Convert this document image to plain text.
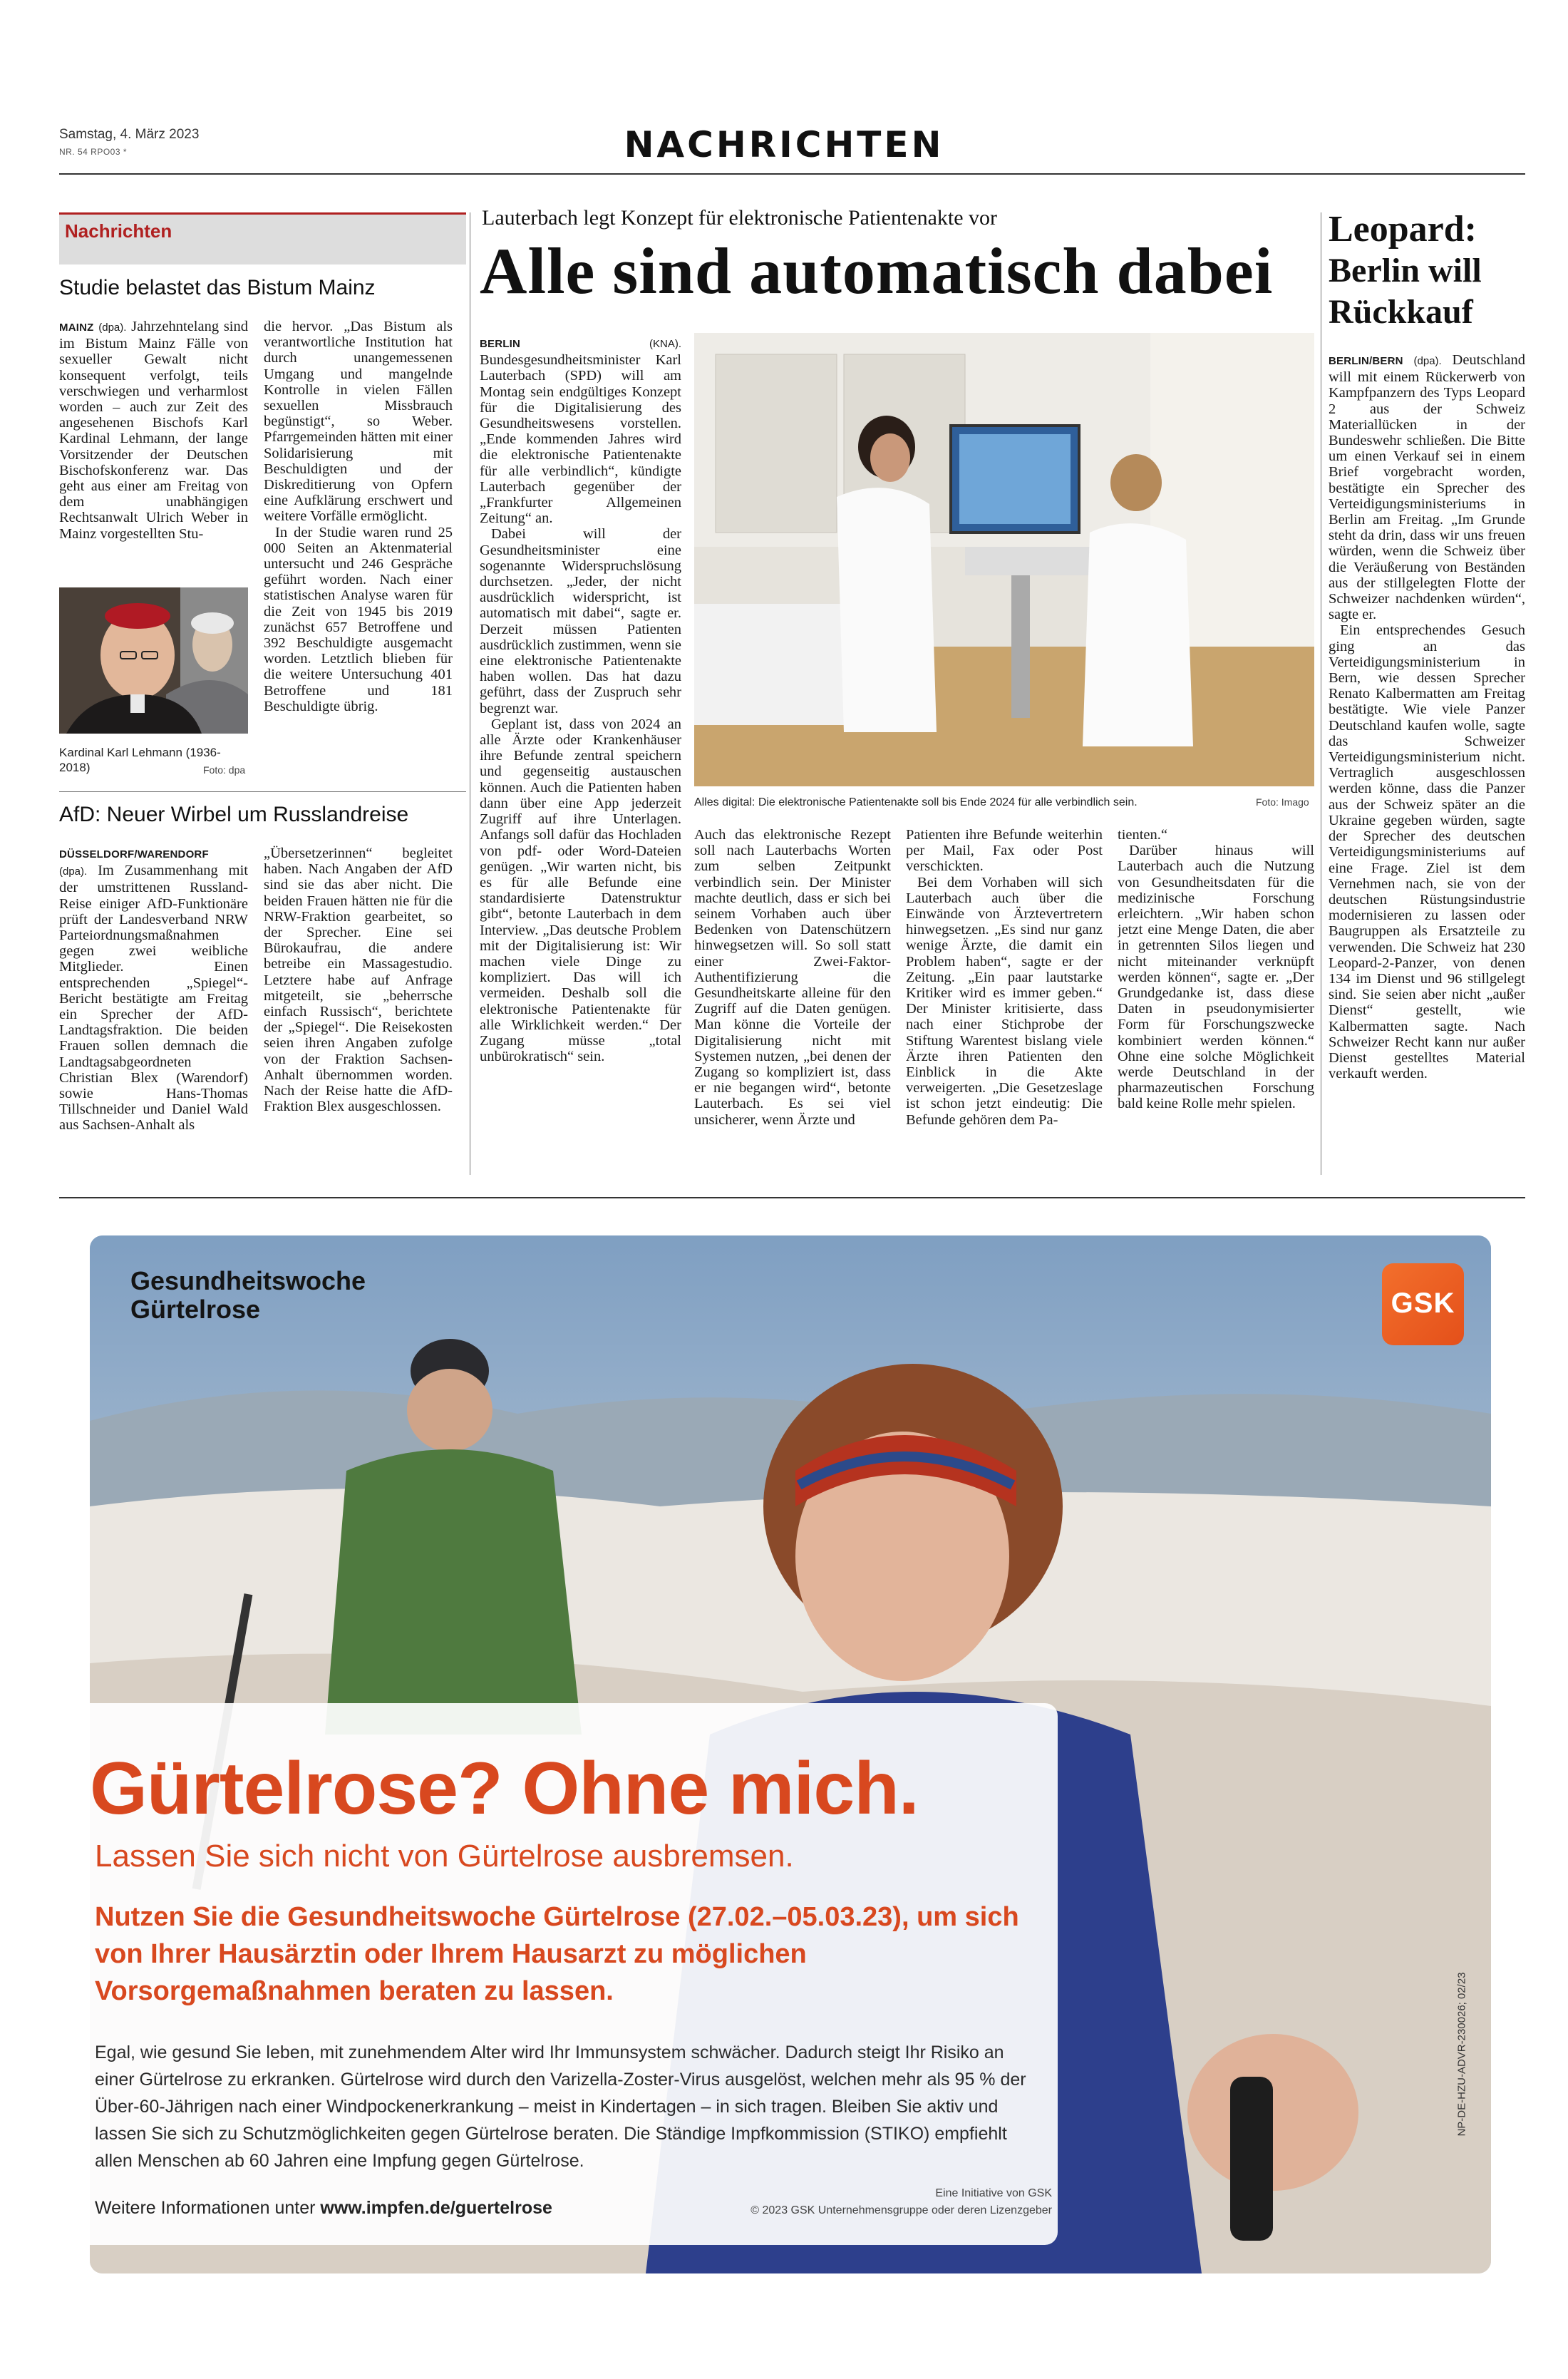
Samstag, 4. März 2023
NR. 54 RPO03 *	NACHRICHTEN
Nachrichten
Studie belastet das Bistum Mainz

MAINZ (dpa). Jahrzehntelang sind im Bistum Mainz Fälle von sexueller Gewalt nicht konsequent verfolgt, teils verschwiegen und verharmlost worden – auch zur Zeit des angesehenen Bischofs Karl Kardinal Lehmann, der lange Vorsitzender der Deutschen Bischofskonferenz war. Das geht aus einer am Freitag von dem unabhängigen Rechtsanwalt Ulrich Weber in Mainz vorgestellten Stu-

Kardinal Karl Lehmann (1936-2018)	Foto: dpa

die hervor. „Das Bistum als verantwortliche Institution hat durch unangemessenen Umgang und mangelnde Kontrolle in vielen Fällen sexuellen Missbrauch begünstigt“, so Weber. Pfarrgemeinden hätten mit einer Solidarisierung mit Beschuldigten und der Diskreditierung von Opfern eine Aufklärung erschwert und weitere Vorfälle ermöglicht.

In der Studie waren rund 25 000 Seiten an Aktenmaterial untersucht und 246 Gespräche geführt worden. Nach einer statistischen Analyse waren für die Zeit von 1945 bis 2019 zunächst 657 Betroffene und 392 Beschuldigte ausgemacht worden. Letztlich blieben für die weitere Untersuchung 401 Betroffene und 181 Beschuldigte übrig.

AfD: Neuer Wirbel um Russlandreise

DÜSSELDORF/WARENDORF
(dpa). Im Zusammenhang mit der umstrittenen Russland-Reise einiger AfD-Funktionäre prüft der Landesverband NRW Parteiordnungsmaßnahmen gegen zwei weibliche Mitglieder. Einen entsprechenden „Spiegel“-Bericht bestätigte am Freitag ein Sprecher der AfD-Landtagsfraktion. Die beiden Frauen sollen demnach die Landtagsabgeordneten Christian Blex (Warendorf) sowie Hans-Thomas Tillschneider und Daniel Wald aus Sachsen-Anhalt als

„Übersetzerinnen“ begleitet haben. Nach Angaben der AfD sind sie das aber nicht. Die beiden Frauen hätten nie für die NRW-Fraktion gearbeitet, so der Sprecher. Eine sei Bürokaufrau, die andere betreibe ein Massagestudio. Letztere habe auf Anfrage mitgeteilt, sie „beherrsche einfach Russisch“, berichtete der „Spiegel“. Die Reisekosten seien ihren Angaben zufolge von der Fraktion Sachsen-Anhalt übernommen worden. Nach der Reise hatte die AfD-Fraktion Blex ausgeschlossen.

Lauterbach legt Konzept für elektronische Patientenakte vor
Alle sind automatisch dabei

BERLIN	(KNA). Bundesgesundheitsminister Karl Lauterbach (SPD) will am Montag sein endgültiges Konzept für die Digitalisierung des Gesundheitswesens vorstellen. „Ende kommenden Jahres wird die elektronische Patientenakte für alle verbindlich“, kündigte Lauterbach gegenüber der „Frankfurter Allgemeinen Zeitung“ an.

Dabei will der Gesundheitsminister eine sogenannte Widerspruchslösung durchsetzen. „Jeder, der nicht ausdrücklich widerspricht, ist automatisch mit dabei“, sagte er. Derzeit müssen Patienten ausdrücklich zustimmen, wenn sie eine elektronische Patientenakte haben wollen. Das hat dazu geführt, dass der Zuspruch sehr begrenzt war.

Geplant ist, dass von 2024 an alle Ärzte oder Krankenhäuser ihre Befunde zentral speichern und gegenseitig austauschen können. Auch die Patienten haben dann über eine App jederzeit Zugriff auf ihre Unterlagen. Anfangs soll dafür das Hochladen von pdf- oder Word-Dateien genügen. „Wir warten nicht, bis es für alle Befunde eine standardisierte Datenstruktur gibt“, betonte Lauterbach in dem Interview. „Das deutsche Problem mit der Digitalisierung ist: Wir machen viele Dinge zu kompliziert. Das will ich vermeiden. Deshalb soll die elektronische Patientenakte für alle Wirklichkeit werden.“ Der Zugang müsse „total unbürokratisch“ sein.

Alles digital: Die elektronische Patientenakte soll bis Ende 2024 für alle verbindlich sein.	Foto: Imago

Auch das elektronische Rezept soll nach Lauterbachs Worten zum selben Zeitpunkt verbindlich sein. Der Minister machte deutlich, dass er sich bei seinem Vorhaben auch über Bedenken von Datenschützern hinwegsetzen will. So soll statt einer Zwei-Faktor-Authentifizierung die Gesundheitskarte alleine für den Zugriff auf die Daten genügen. Man könne die Vorteile der Digitalisierung nicht mit Systemen nutzen, „bei denen der Zugang so kompliziert ist, dass er nie begangen wird“, betonte Lauterbach. Es sei viel unsicherer, wenn Ärzte und

Patienten ihre Befunde weiterhin per Mail, Fax oder Post verschickten.

Bei dem Vorhaben will sich Lauterbach auch über die Einwände von Ärztevertretern hinwegsetzen. „Es sind nur ganz wenige Ärzte, die damit ein Problem haben“, sagte er der Zeitung. „Ein paar lautstarke Kritiker wird es immer geben.“ Der Minister kritisierte, dass nach einer Stichprobe der Stiftung Warentest bislang viele Ärzte ihren Patienten den Einblick in die Akte verweigerten. „Die Gesetzeslage ist schon jetzt eindeutig: Die Befunde gehören dem Pa-

tienten.“

Darüber hinaus will Lauterbach auch die Nutzung von Gesundheitsdaten für die medizinische Forschung erleichtern. „Wir haben schon jetzt eine Menge Daten, die aber in getrennten Silos liegen und nicht miteinander verknüpft werden können“, sagte er. „Der Grundgedanke ist, dass diese Daten in pseudonymisierter Form für Forschungszwecke kombiniert werden können.“ Ohne eine solche Möglichkeit werde Deutschland in der pharmazeutischen Forschung bald keine Rolle mehr spielen.

Leopard:
Berlin will Rückkauf

BERLIN/BERN (dpa). Deutschland will mit einem Rückerwerb von Kampfpanzern des Typs Leopard 2 aus der Schweiz Materiallücken in der Bundeswehr schließen. Die Bitte um einen Verkauf sei in einem Brief vorgebracht worden, bestätigte ein Sprecher des Verteidigungsministeriums in Berlin am Freitag. „Im Grunde steht da drin, dass wir uns freuen würden, wenn die Schweiz über die Veräußerung von Beständen aus der stillgelegten Flotte der Schweizer nachdenken würden“, sagte er.

Ein entsprechendes Gesuch ging an das Verteidigungsministerium in Bern, wie dessen Sprecher Renato Kalbermatten am Freitag bestätigte. Wie viele Panzer Deutschland kaufen wolle, sagte das Schweizer Verteidigungsministerium nicht. Vertraglich ausgeschlossen werden könne, dass die Panzer aus der Schweiz später an die Ukraine gegeben würden, sagte der Sprecher des deutschen Verteidigungsministeriums auf eine Frage. Ziel ist dem Vernehmen nach, sie von der deutschen Rüstungsindustrie modernisieren zu lassen oder Baugruppen als Ersatzteile zu verwenden. Die Schweiz hat 230 Leopard-2-Panzer, von denen 134 im Dienst und 96 stillgelegt sind. Sie seien aber nicht „außer Dienst“ gestellt, wie Kalbermatten sagte. Nach Schweizer Recht kann nur außer Dienst gestelltes Material verkauft werden.

Gesundheitswoche
Gürtelrose	GSK
Gürtelrose? Ohne mich.
Lassen Sie sich nicht von Gürtelrose ausbremsen.
Nutzen Sie die Gesundheitswoche Gürtelrose (27.02.–05.03.23), um sich von Ihrer Hausärztin oder Ihrem Hausarzt zu möglichen Vorsorgemaßnahmen beraten zu lassen.
Egal, wie gesund Sie leben, mit zunehmendem Alter wird Ihr Immunsystem schwächer. Dadurch steigt Ihr Risiko an einer Gürtelrose zu erkranken. Gürtelrose wird durch den Varizella-Zoster-Virus ausgelöst, welchen mehr als 95 % der Über-60-Jährigen nach einer Windpockenerkrankung – meist in Kindertagen – in sich tragen. Bleiben Sie aktiv und lassen Sie sich zu Schutzmöglichkeiten gegen Gürtelrose beraten. Die Ständige Impfkommission (STIKO) empfiehlt allen Menschen ab 60 Jahren eine Impfung gegen Gürtelrose.
Weitere Informationen unter www.impfen.de/guertelrose
Eine Initiative von GSK
© 2023 GSK Unternehmensgruppe oder deren Lizenzgeber
NP-DE-HZU-ADVR-230026; 02/23
